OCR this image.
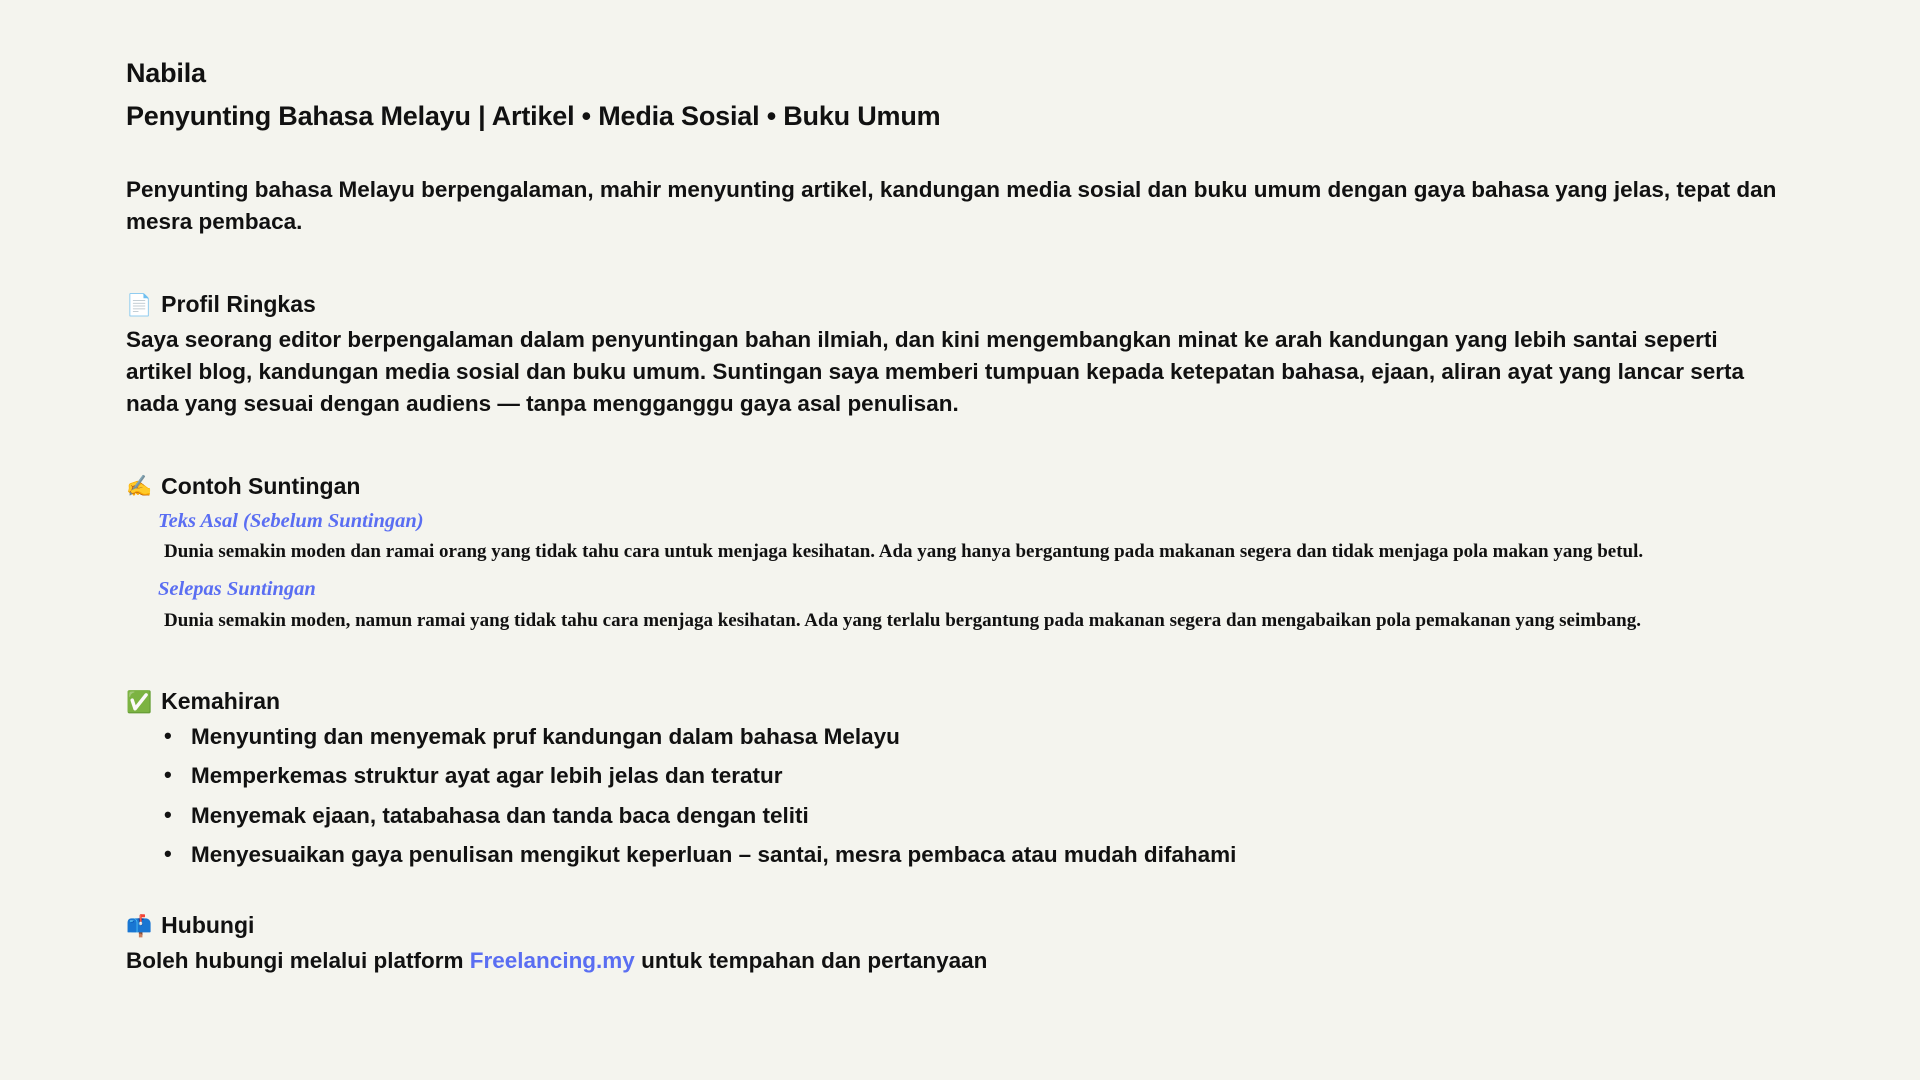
Nabila
Penyunting Bahasa Melayu | Artikel • Media Sosial • Buku Umum

Penyunting bahasa Melayu berpengalaman, mahir menyunting artikel, kandungan media sosial dan buku umum dengan gaya bahasa yang jelas, tepat dan mesra pembaca.

📄 Profil Ringkas

Saya seorang editor berpengalaman dalam penyuntingan bahan ilmiah, dan kini mengembangkan minat ke arah kandungan yang lebih santai seperti artikel blog, kandungan media sosial dan buku umum. Suntingan saya memberi tumpuan kepada ketepatan bahasa, ejaan, aliran ayat yang lancar serta nada yang sesuai dengan audiens — tanpa mengganggu gaya asal penulisan.

✍️ Contoh Suntingan

Teks Asal (Sebelum Suntingan)

Dunia semakin moden dan ramai orang yang tidak tahu cara untuk menjaga kesihatan. Ada yang hanya bergantung pada makanan segera dan tidak menjaga pola makan yang betul.

Selepas Suntingan

Dunia semakin moden, namun ramai yang tidak tahu cara menjaga kesihatan. Ada yang terlalu bergantung pada makanan segera dan mengabaikan pola pemakanan yang seimbang.

✅ Kemahiran
• Menyunting dan menyemak pruf kandungan dalam bahasa Melayu
• Memperkemas struktur ayat agar lebih jelas dan teratur
• Menyemak ejaan, tatabahasa dan tanda baca dengan teliti
• Menyesuaikan gaya penulisan mengikut keperluan – santai, mesra pembaca atau mudah difahami
📫 Hubungi

Boleh hubungi melalui platform Freelancing.my untuk tempahan dan pertanyaan
